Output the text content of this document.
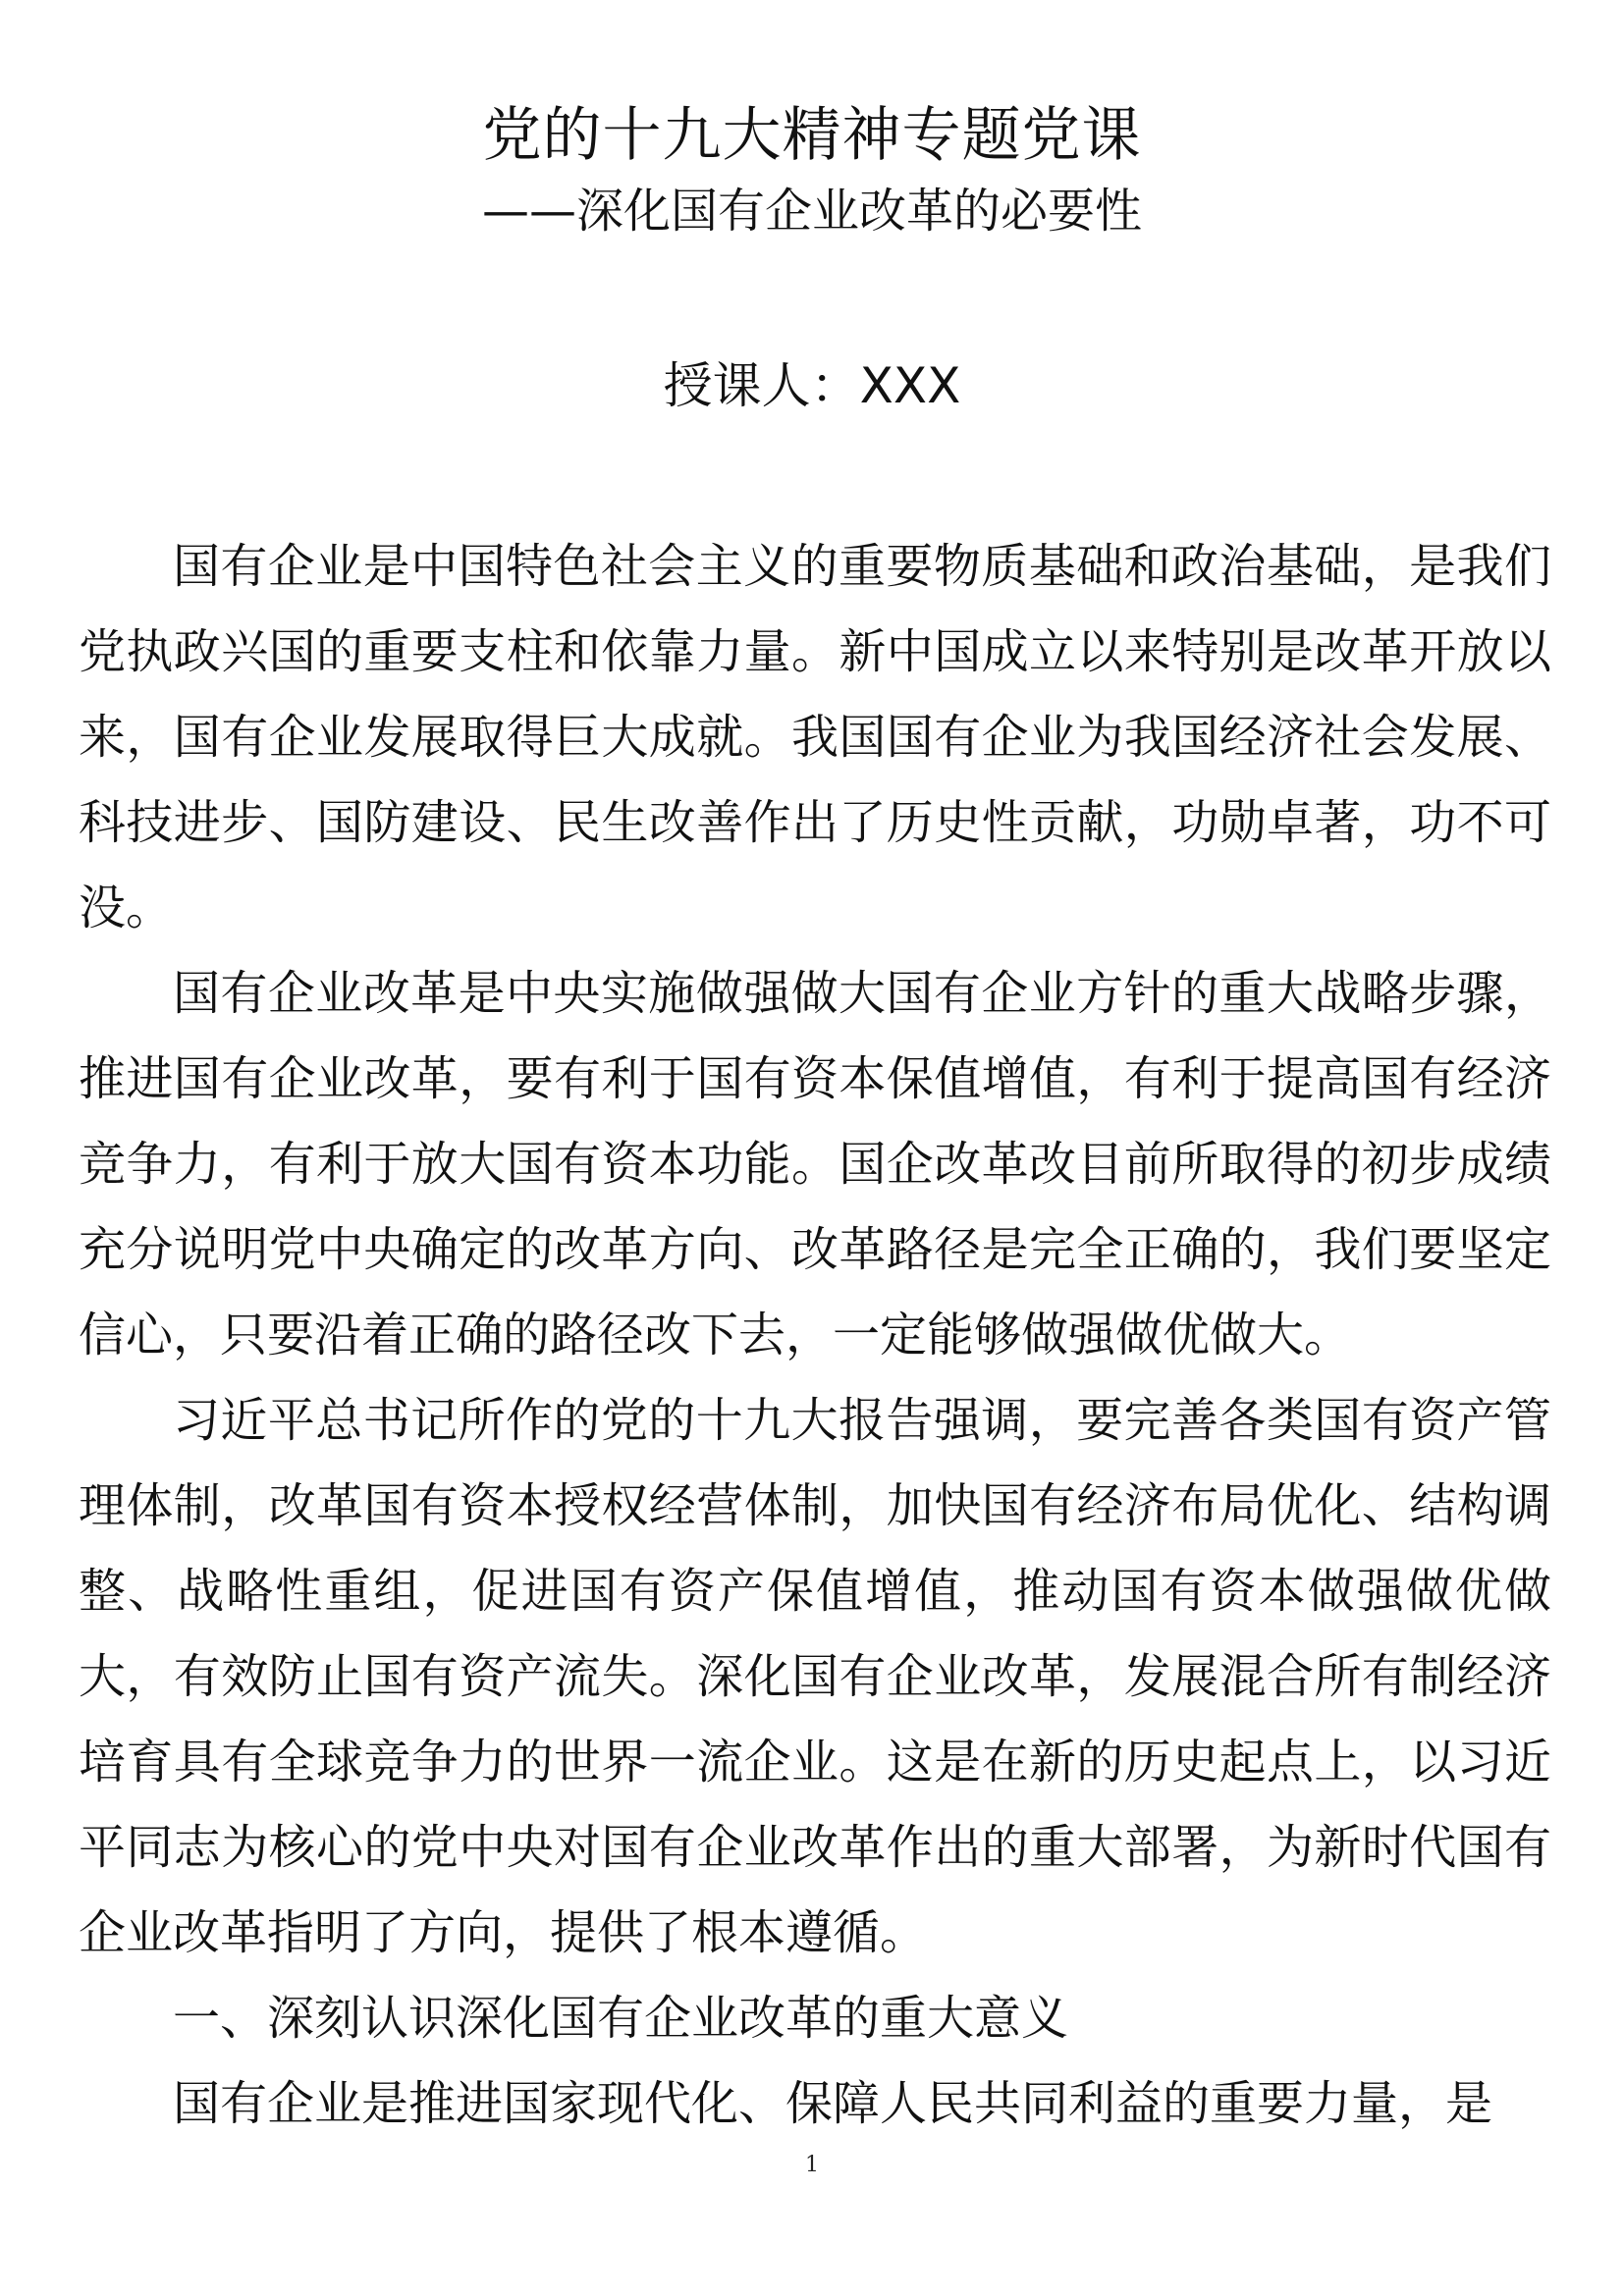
党的十九大精神专题党课
——深化国有企业改革的必要性
授课人：XXX

国有企业是中国特色社会主义的重要物质基础和政治基础，是我们党执政兴国的重要支柱和依靠力量。新中国成立以来特别是改革开放以来，国有企业发展取得巨大成就。我国国有企业为我国经济社会发展、科技进步、国防建设、民生改善作出了历史性贡献，功勋卓著，功不可没。

国有企业改革是中央实施做强做大国有企业方针的重大战略步骤，推进国有企业改革，要有利于国有资本保值增值，有利于提高国有经济竞争力，有利于放大国有资本功能。国企改革改目前所取得的初步成绩充分说明党中央确定的改革方向、改革路径是完全正确的，我们要坚定信心，只要沿着正确的路径改下去，一定能够做强做优做大。

习近平总书记所作的党的十九大报告强调，要完善各类国有资产管理体制，改革国有资本授权经营体制，加快国有经济布局优化、结构调整、战略性重组，促进国有资产保值增值，推动国有资本做强做优做大，有效防止国有资产流失。深化国有企业改革，发展混合所有制经济培育具有全球竞争力的世界一流企业。这是在新的历史起点上，以习近平同志为核心的党中央对国有企业改革作出的重大部署，为新时代国有企业改革指明了方向，提供了根本遵循。

一、深刻认识深化国有企业改革的重大意义

国有企业是推进国家现代化、保障人民共同利益的重要力量，是

1
